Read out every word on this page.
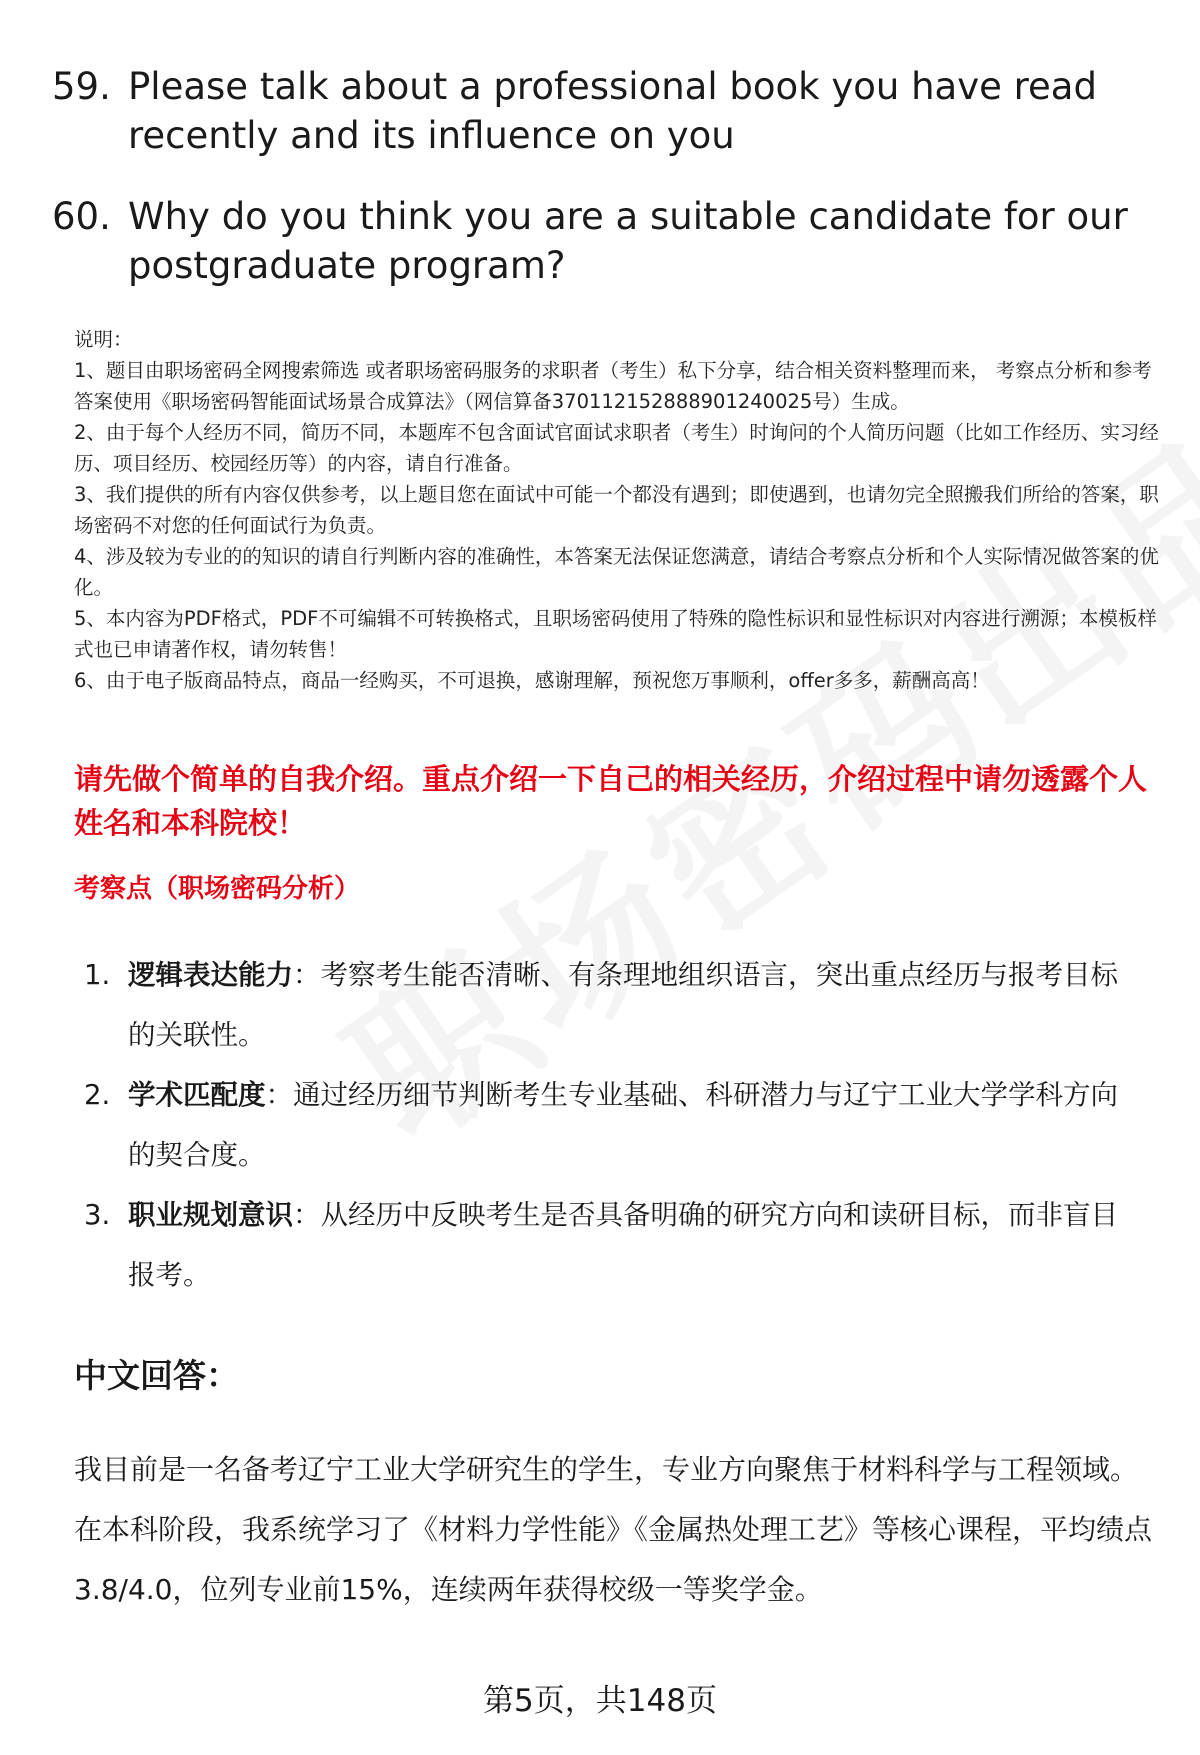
59. Please talk about a professional book you have read recently and its influence on you
60. Why do you think you are a suitable candidate for our postgraduate program?

说明：

1、题目由职场密码全网搜索筛选 或者职场密码服务的求职者（考生）私下分享，结合相关资料整理而来， 考察点分析和参考答案使用《职场密码智能面试场景合成算法》（网信算备370112152888901240025号）生成。

2、由于每个人经历不同，简历不同，本题库不包含面试官面试求职者（考生）时询问的个人简历问题（比如工作经历、实习经历、项目经历、校园经历等）的内容，请自行准备。

3、我们提供的所有内容仅供参考，以上题目您在面试中可能一个都没有遇到；即使遇到，也请勿完全照搬我们所给的答案，职场密码不对您的任何面试行为负责。

4、涉及较为专业的的知识的请自行判断内容的准确性，本答案无法保证您满意，请结合考察点分析和个人实际情况做答案的优化。

5、本内容为PDF格式，PDF不可编辑不可转换格式，且职场密码使用了特殊的隐性标识和显性标识对内容进行溯源；本模板样式也已申请著作权，请勿转售！

6、由于电子版商品特点，商品一经购买，不可退换，感谢理解，预祝您万事顺利，offer多多，薪酬高高！

请先做个简单的自我介绍。重点介绍一下自己的相关经历，介绍过程中请勿透露个人姓名和本科院校！
考察点（职场密码分析）
1. 逻辑表达能力：考察考生能否清晰、有条理地组织语言，突出重点经历与报考目标的关联性。
2. 学术匹配度：通过经历细节判断考生专业基础、科研潜力与辽宁工业大学学科方向的契合度。
3. 职业规划意识：从经历中反映考生是否具备明确的研究方向和读研目标，而非盲目报考。
中文回答：
我目前是一名备考辽宁工业大学研究生的学生，专业方向聚焦于材料科学与工程领域。在本科阶段，我系统学习了《材料力学性能》《金属热处理工艺》等核心课程，平均绩点3.8/4.0，位列专业前15%，连续两年获得校级一等奖学金。
第5页，共148页
